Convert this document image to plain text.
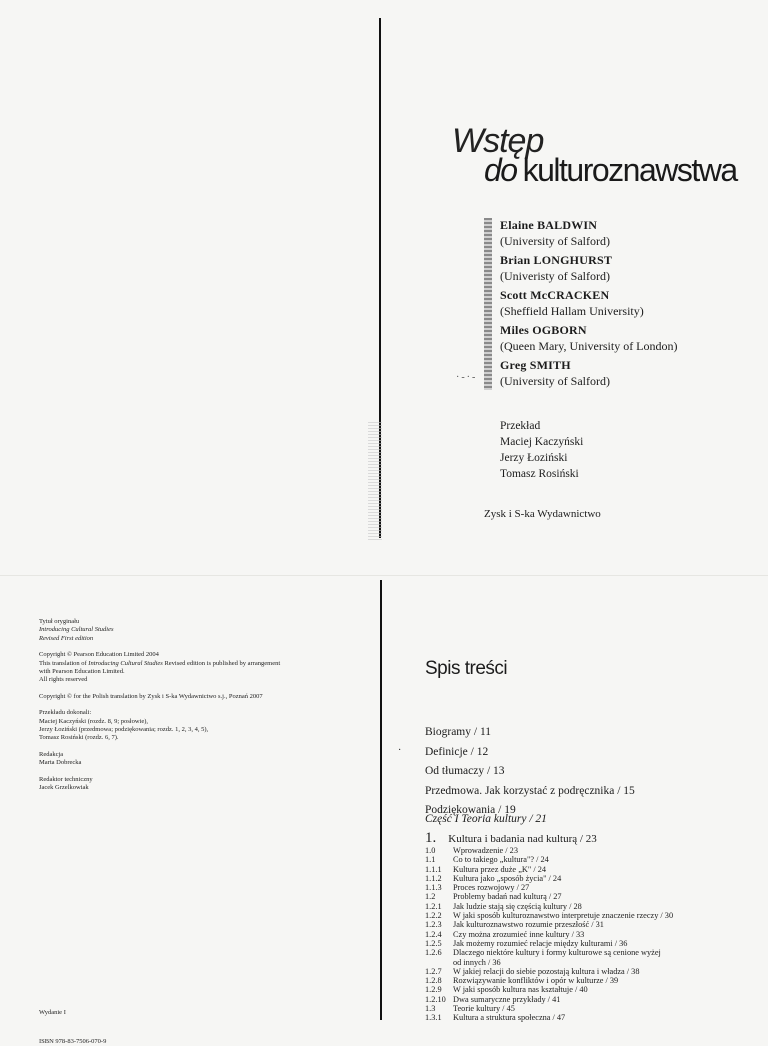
Wstęp
do kulturoznawstwa
Elaine BALDWIN
(University of Salford)
Brian LONGHURST
(Univeristy of Salford)
Scott McCRACKEN
(Sheffield Hallam University)
Miles OGBORN
(Queen Mary, University of London)
Greg SMITH
(University of Salford)
·-·-
Przekład
Maciej Kaczyński
Jerzy Łoziński
Tomasz Rosiński
Zysk i S-ka Wydawnictwo
Tytuł oryginału
Introducing Cultural Studies
Revised First edition
Copyright © Pearson Education Limited 2004
This translation of Introducing Cultural Studies Revised edition is published by arrangement
with Pearson Education Limited.
All rights reserved
Copyright © for the Polish translation by Zysk i S-ka Wydawnictwo s.j., Poznań 2007
Przekładu dokonali:
Maciej Kaczyński (rozdz. 8, 9; posłowie),
Jerzy Łoziński (przedmowa; podziękowania; rozdz. 1, 2, 3, 4, 5),
Tomasz Rosiński (rozdz. 6, 7).
Redakcja
Marta Dobrecka
Redaktor techniczny
Jacek Grzelkowiak
Wydanie I
ISBN 978-83-7506-070-9
Spis treści
·
Biogramy / 11
Definicje / 12
Od tłumaczy / 13
Przedmowa. Jak korzystać z podręcznika / 15
Podziękowania / 19
Część I Teoria kultury / 21
1. Kultura i badania nad kulturą / 23
1.0	Wprowadzenie / 23
1.1	Co to takiego „kultura"? / 24
1.1.1	Kultura przez duże „K" / 24
1.1.2	Kultura jako „sposób życia" / 24
1.1.3	Proces rozwojowy / 27
1.2	Problemy badań nad kulturą / 27
1.2.1	Jak ludzie stają się częścią kultury / 28
1.2.2	W jaki sposób kulturoznawstwo interpretuje znaczenie rzeczy / 30
1.2.3	Jak kulturoznawstwo rozumie przeszłość / 31
1.2.4	Czy można zrozumieć inne kultury / 33
1.2.5	Jak możemy rozumieć relacje między kulturami / 36
1.2.6	Dlaczego niektóre kultury i formy kulturowe są cenione wyżej
od innych / 36
1.2.7	W jakiej relacji do siebie pozostają kultura i władza / 38
1.2.8	Rozwiązywanie konfliktów i opór w kulturze / 39
1.2.9	W jaki sposób kultura nas kształtuje / 40
1.2.10 Dwa sumaryczne przykłady / 41
1.3	Teorie kultury / 45
1.3.1	Kultura a struktura społeczna / 47
